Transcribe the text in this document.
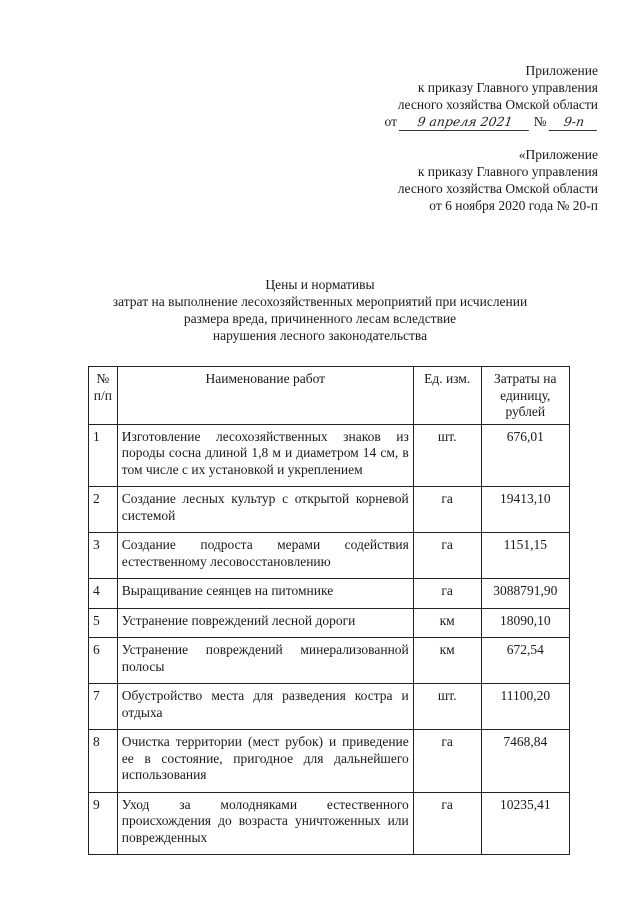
Приложение
к приказу Главного управления
лесного хозяйства Омской области
от 9 апреля 2021 № 9-п
«Приложение
к приказу Главного управления
лесного хозяйства Омской области
от 6 ноября 2020 года № 20-п
Цены и нормативы
затрат на выполнение лесохозяйственных мероприятий при исчислении
размера вреда, причиненного лесам вследствие
нарушения лесного законодательства
№ п/п	Наименование работ	Ед. изм.	Затраты на единицу, рублей
1	Изготовление лесохозяйственных знаков из породы сосна длиной 1,8 м и диаметром 14 см, в том числе с их установкой и укреплением	шт.	676,01
2	Создание лесных культур с открытой корневой системой	га	19413,10
3	Создание подроста мерами содействия естественному лесовосстановлению	га	1151,15
4	Выращивание сеянцев на питомнике	га	3088791,90
5	Устранение повреждений лесной дороги	км	18090,10
6	Устранение повреждений минерализованной полосы	км	672,54
7	Обустройство места для разведения костра и отдыха	шт.	11100,20
8	Очистка территории (мест рубок) и приведение ее в состояние, пригодное для дальнейшего использования	га	7468,84
9	Уход за молодняками естественного происхождения до возраста уничтоженных или поврежденных	га	10235,41
